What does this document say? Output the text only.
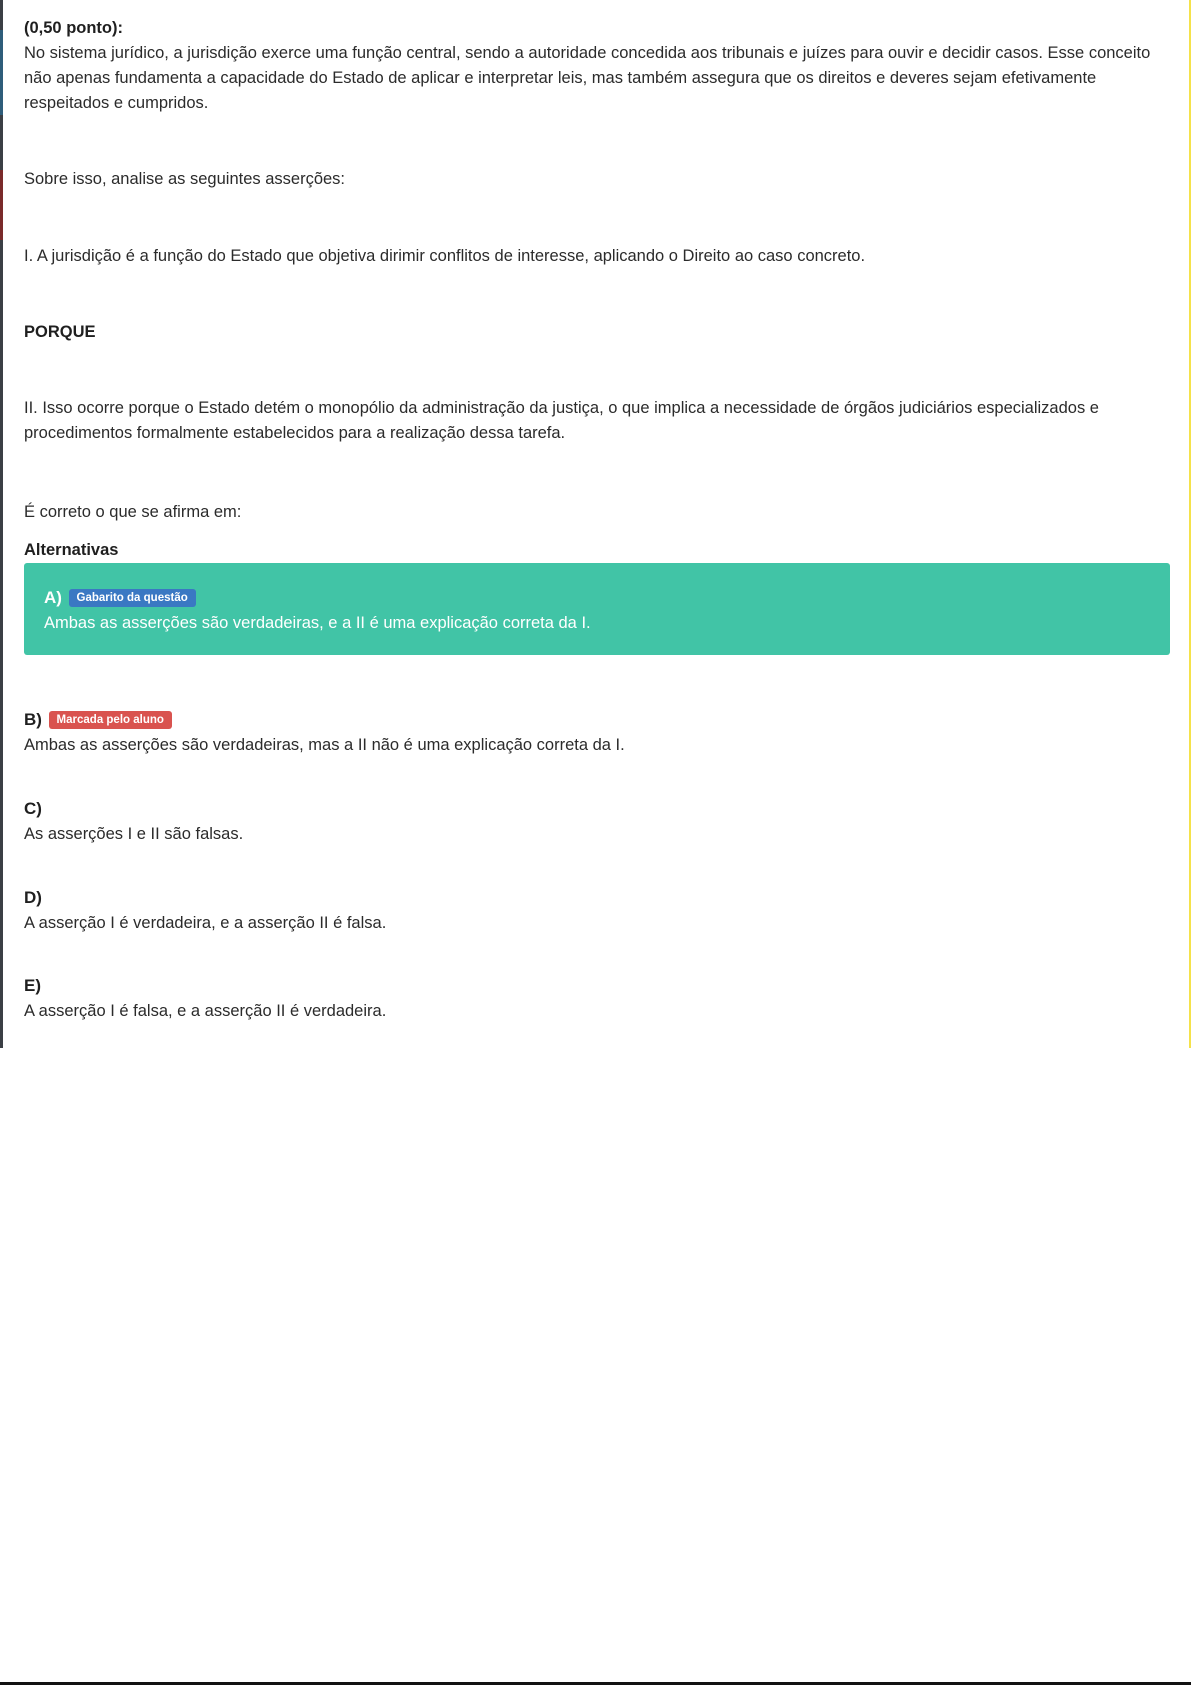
(0,50 ponto):

No sistema jurídico, a jurisdição exerce uma função central, sendo a autoridade concedida aos tribunais e juízes para ouvir e decidir casos. Esse conceito não apenas fundamenta a capacidade do Estado de aplicar e interpretar leis, mas também assegura que os direitos e deveres sejam efetivamente respeitados e cumpridos.

Sobre isso, analise as seguintes asserções:
I. A jurisdição é a função do Estado que objetiva dirimir conflitos de interesse, aplicando o Direito ao caso concreto.
PORQUE
II. Isso ocorre porque o Estado detém o monopólio da administração da justiça, o que implica a necessidade de órgãos judiciários especializados e procedimentos formalmente estabelecidos para a realização dessa tarefa.
É correto o que se afirma em:
Alternativas
A) Gabarito da questão
Ambas as asserções são verdadeiras, e a II é uma explicação correta da I.
B) Marcada pelo aluno
Ambas as asserções são verdadeiras, mas a II não é uma explicação correta da I.
C)
As asserções I e II são falsas.
D)
A asserção I é verdadeira, e a asserção II é falsa.
E)
A asserção I é falsa, e a asserção II é verdadeira.
